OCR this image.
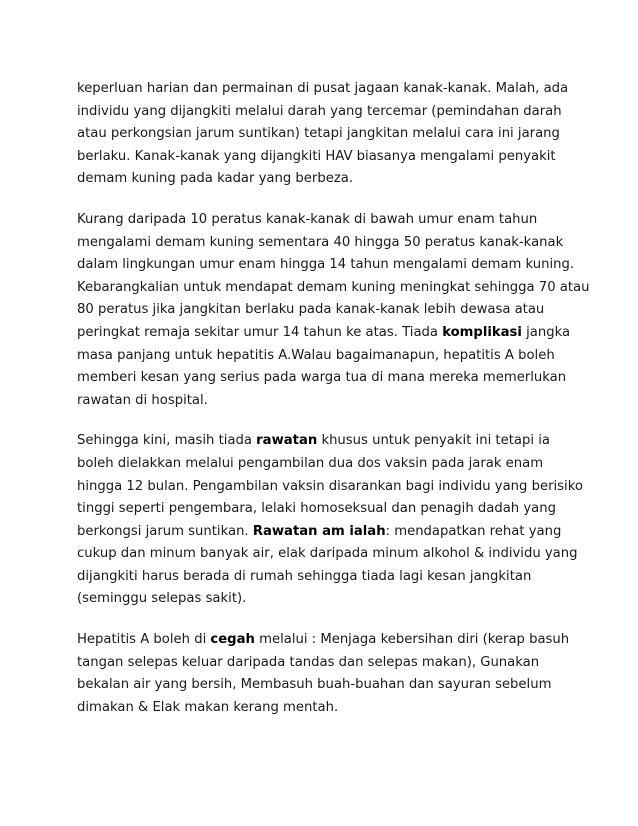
keperluan harian dan permainan di pusat jagaan kanak-kanak. Malah, ada
individu yang dijangkiti melalui darah yang tercemar (pemindahan darah
atau perkongsian jarum suntikan) tetapi jangkitan melalui cara ini jarang
berlaku. Kanak-kanak yang dijangkiti HAV biasanya mengalami penyakit
demam kuning pada kadar yang berbeza.

Kurang daripada 10 peratus kanak-kanak di bawah umur enam tahun
mengalami demam kuning sementara 40 hingga 50 peratus kanak-kanak
dalam lingkungan umur enam hingga 14 tahun mengalami demam kuning.
Kebarangkalian untuk mendapat demam kuning meningkat sehingga 70 atau
80 peratus jika jangkitan berlaku pada kanak-kanak lebih dewasa atau
peringkat remaja sekitar umur 14 tahun ke atas. Tiada komplikasi jangka
masa panjang untuk hepatitis A.Walau bagaimanapun, hepatitis A boleh
memberi kesan yang serius pada warga tua di mana mereka memerlukan
rawatan di hospital.

Sehingga kini, masih tiada rawatan khusus untuk penyakit ini tetapi ia
boleh dielakkan melalui pengambilan dua dos vaksin pada jarak enam
hingga 12 bulan. Pengambilan vaksin disarankan bagi individu yang berisiko
tinggi seperti pengembara, lelaki homoseksual dan penagih dadah yang
berkongsi jarum suntikan. Rawatan am ialah: mendapatkan rehat yang
cukup dan minum banyak air, elak daripada minum alkohol & individu yang
dijangkiti harus berada di rumah sehingga tiada lagi kesan jangkitan
(seminggu selepas sakit).

Hepatitis A boleh di cegah melalui : Menjaga kebersihan diri (kerap basuh
tangan selepas keluar daripada tandas dan selepas makan), Gunakan
bekalan air yang bersih, Membasuh buah-buahan dan sayuran sebelum
dimakan & Elak makan kerang mentah.
